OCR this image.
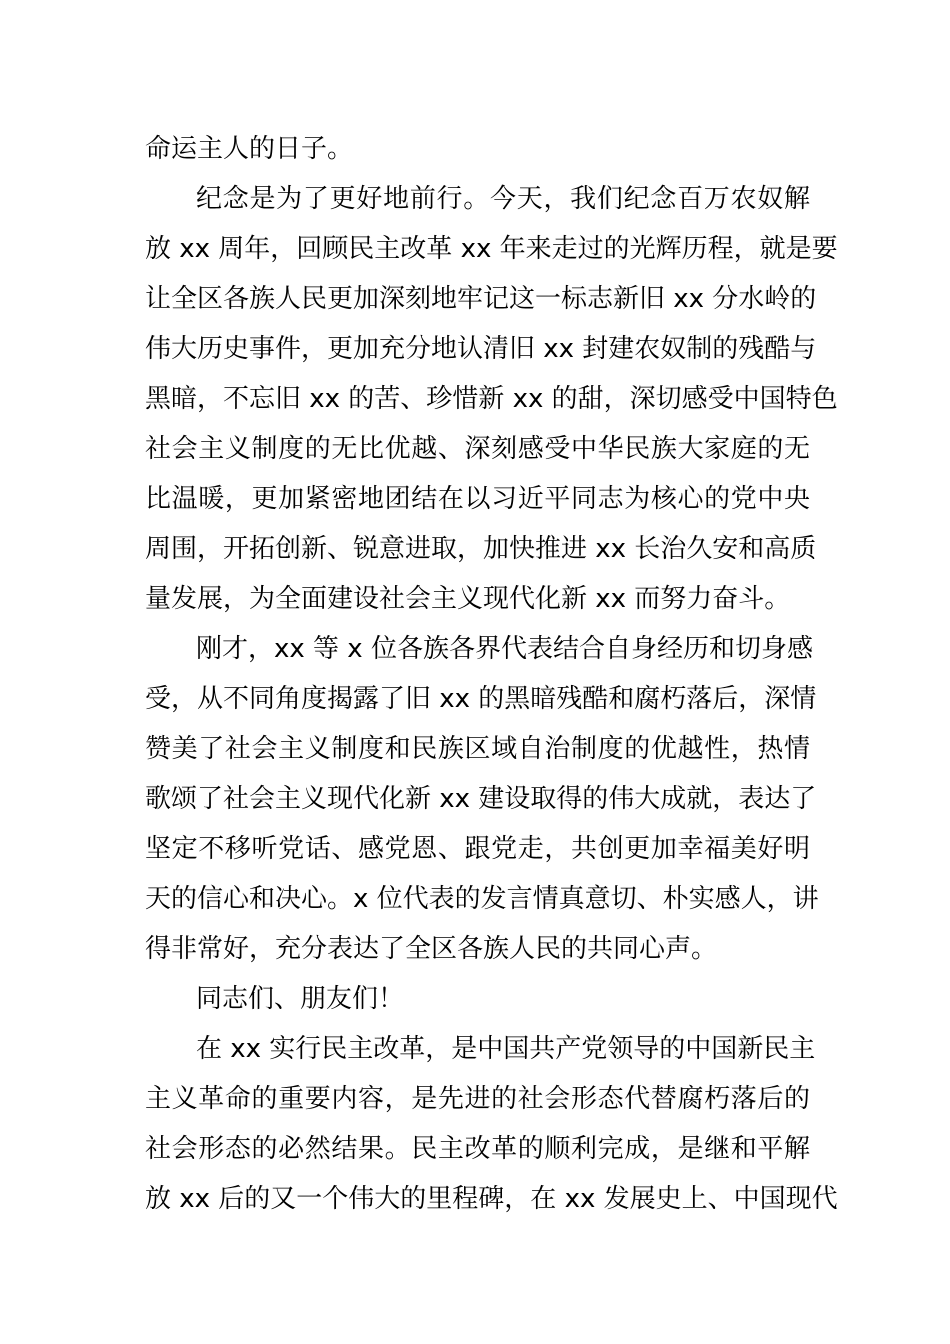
命运主人的日子。
纪念是为了更好地前行。今天，我们纪念百万农奴解
放 xx 周年，回顾民主改革 xx 年来走过的光辉历程，就是要
让全区各族人民更加深刻地牢记这一标志新旧 xx 分水岭的
伟大历史事件，更加充分地认清旧 xx 封建农奴制的残酷与
黑暗，不忘旧 xx 的苦、珍惜新 xx 的甜，深切感受中国特色
社会主义制度的无比优越、深刻感受中华民族大家庭的无
比温暖，更加紧密地团结在以习近平同志为核心的党中央
周围，开拓创新、锐意进取，加快推进 xx 长治久安和高质
量发展，为全面建设社会主义现代化新 xx 而努力奋斗。
刚才，xx 等 x 位各族各界代表结合自身经历和切身感
受，从不同角度揭露了旧 xx 的黑暗残酷和腐朽落后，深情
赞美了社会主义制度和民族区域自治制度的优越性，热情
歌颂了社会主义现代化新 xx 建设取得的伟大成就，表达了
坚定不移听党话、感党恩、跟党走，共创更加幸福美好明
天的信心和决心。x 位代表的发言情真意切、朴实感人，讲
得非常好，充分表达了全区各族人民的共同心声。
同志们、朋友们！
在 xx 实行民主改革，是中国共产党领导的中国新民主
主义革命的重要内容，是先进的社会形态代替腐朽落后的
社会形态的必然结果。民主改革的顺利完成，是继和平解
放 xx 后的又一个伟大的里程碑，在 xx 发展史上、中国现代
